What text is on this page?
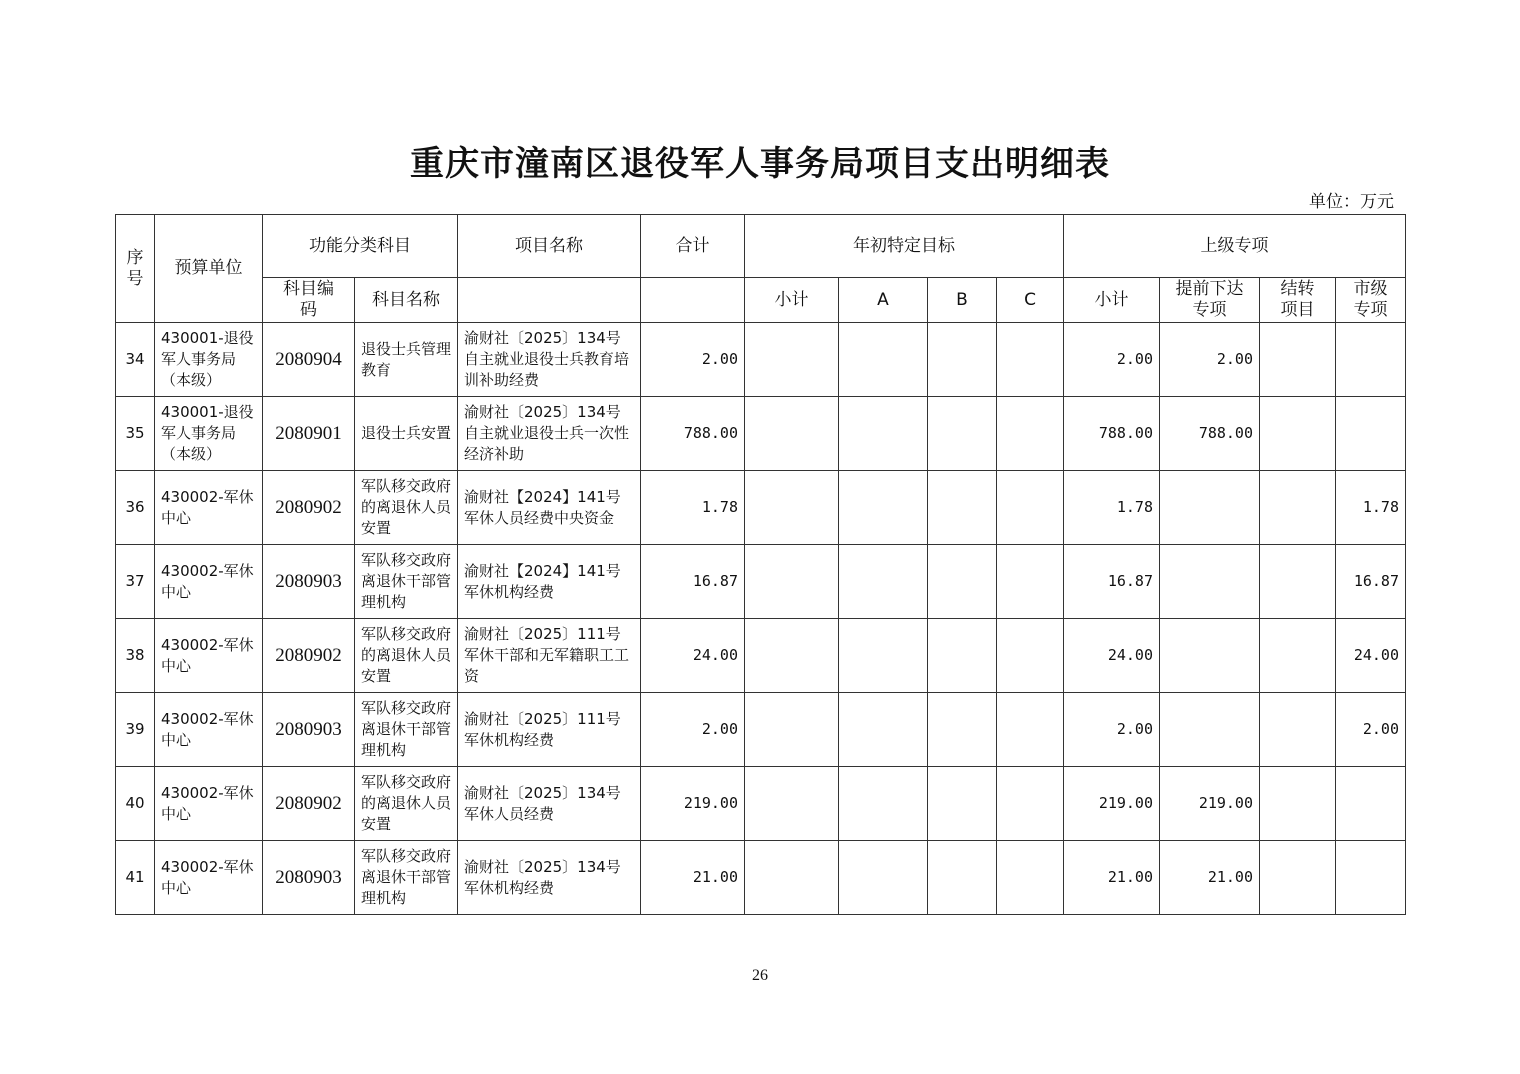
重庆市潼南区退役军人事务局项目支出明细表
单位：万元
序号	预算单位	功能分类科目		项目名称	合计	年初特定目标				上级专项			
		科目编码	科目名称			小计	A	B	C	小计	提前下达专项	结转项目	市级专项
34	430001-退役军人事务局（本级）	2080904	退役士兵管理教育	渝财社〔2025〕134号自主就业退役士兵教育培训补助经费	2.00					2.00	2.00		
35	430001-退役军人事务局（本级）	2080901	退役士兵安置	渝财社〔2025〕134号自主就业退役士兵一次性经济补助	788.00					788.00	788.00		
36	430002-军休中心	2080902	军队移交政府的离退休人员安置	渝财社【2024】141号军休人员经费中央资金	1.78					1.78			1.78
37	430002-军休中心	2080903	军队移交政府离退休干部管理机构	渝财社【2024】141号军休机构经费	16.87					16.87			16.87
38	430002-军休中心	2080902	军队移交政府的离退休人员安置	渝财社〔2025〕111号军休干部和无军籍职工工资	24.00					24.00			24.00
39	430002-军休中心	2080903	军队移交政府离退休干部管理机构	渝财社〔2025〕111号军休机构经费	2.00					2.00			2.00
40	430002-军休中心	2080902	军队移交政府的离退休人员安置	渝财社〔2025〕134号军休人员经费	219.00					219.00	219.00		
41	430002-军休中心	2080903	军队移交政府离退休干部管理机构	渝财社〔2025〕134号军休机构经费	21.00					21.00	21.00		
26
